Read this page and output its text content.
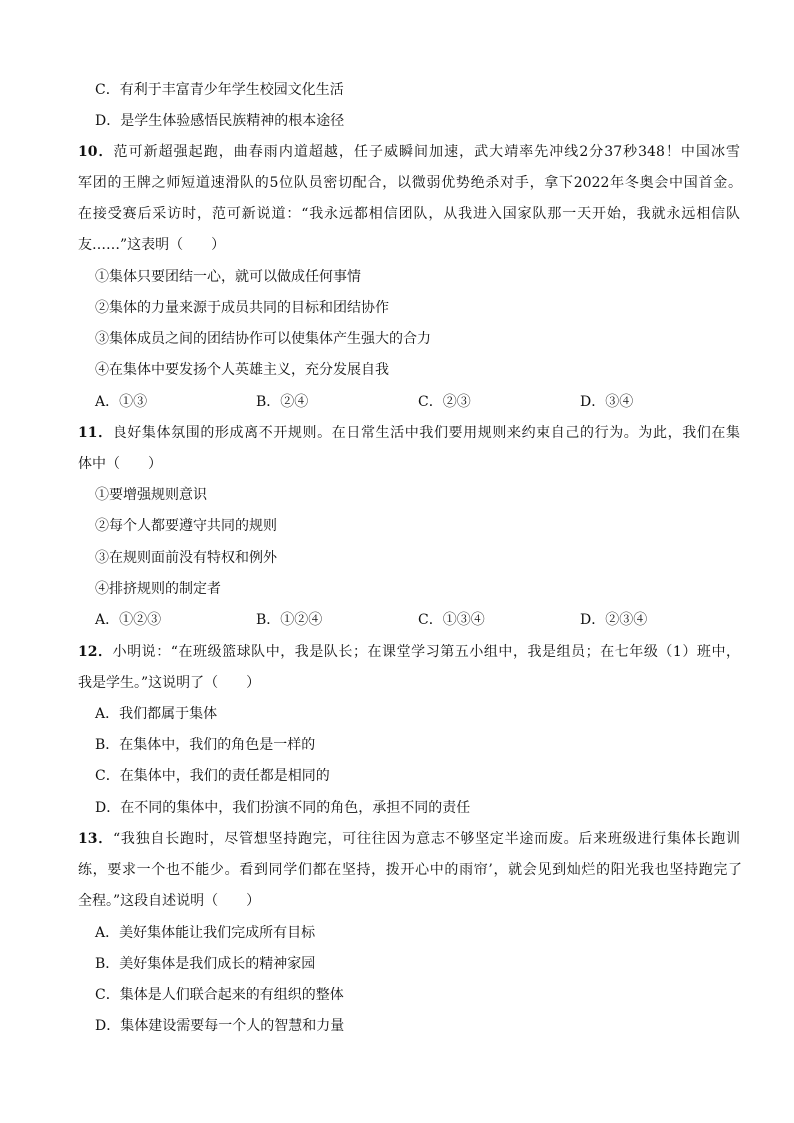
C．有利于丰富青少年学生校园文化生活
D．是学生体验感悟民族精神的根本途径
10．范可新超强起跑，曲春雨内道超越，任子威瞬间加速，武大靖率先冲线2分37秒348！中国冰雪
军团的王牌之师短道速滑队的5位队员密切配合，以微弱优势绝杀对手，拿下2022年冬奥会中国首金。
在接受赛后采访时，范可新说道：“我永远都相信团队，从我进入国家队那一天开始，我就永远相信队
友……”这表明（　　）
①集体只要团结一心，就可以做成任何事情
②集体的力量来源于成员共同的目标和团结协作
③集体成员之间的团结协作可以使集体产生强大的合力
④在集体中要发扬个人英雄主义，充分发展自我
A．①③	B．②④	C．②③	D．③④
11．良好集体氛围的形成离不开规则。在日常生活中我们要用规则来约束自己的行为。为此，我们在集
体中（　　）
①要增强规则意识
②每个人都要遵守共同的规则
③在规则面前没有特权和例外
④排挤规则的制定者
A．①②③	B．①②④	C．①③④	D．②③④
12．小明说：“在班级篮球队中，我是队长；在课堂学习第五小组中，我是组员；在七年级（1）班中，
我是学生。”这说明了（　　）
A．我们都属于集体
B．在集体中，我们的角色是一样的
C．在集体中，我们的责任都是相同的
D．在不同的集体中，我们扮演不同的角色，承担不同的责任
13．“我独自长跑时，尽管想坚持跑完，可往往因为意志不够坚定半途而废。后来班级进行集体长跑训
练，要求一个也不能少。看到同学们都在坚持，拨开心中的雨帘’，就会见到灿烂的阳光我也坚持跑完了
全程。”这段自述说明（　　）
A．美好集体能让我们完成所有目标
B．美好集体是我们成长的精神家园
C．集体是人们联合起来的有组织的整体
D．集体建设需要每一个人的智慧和力量
